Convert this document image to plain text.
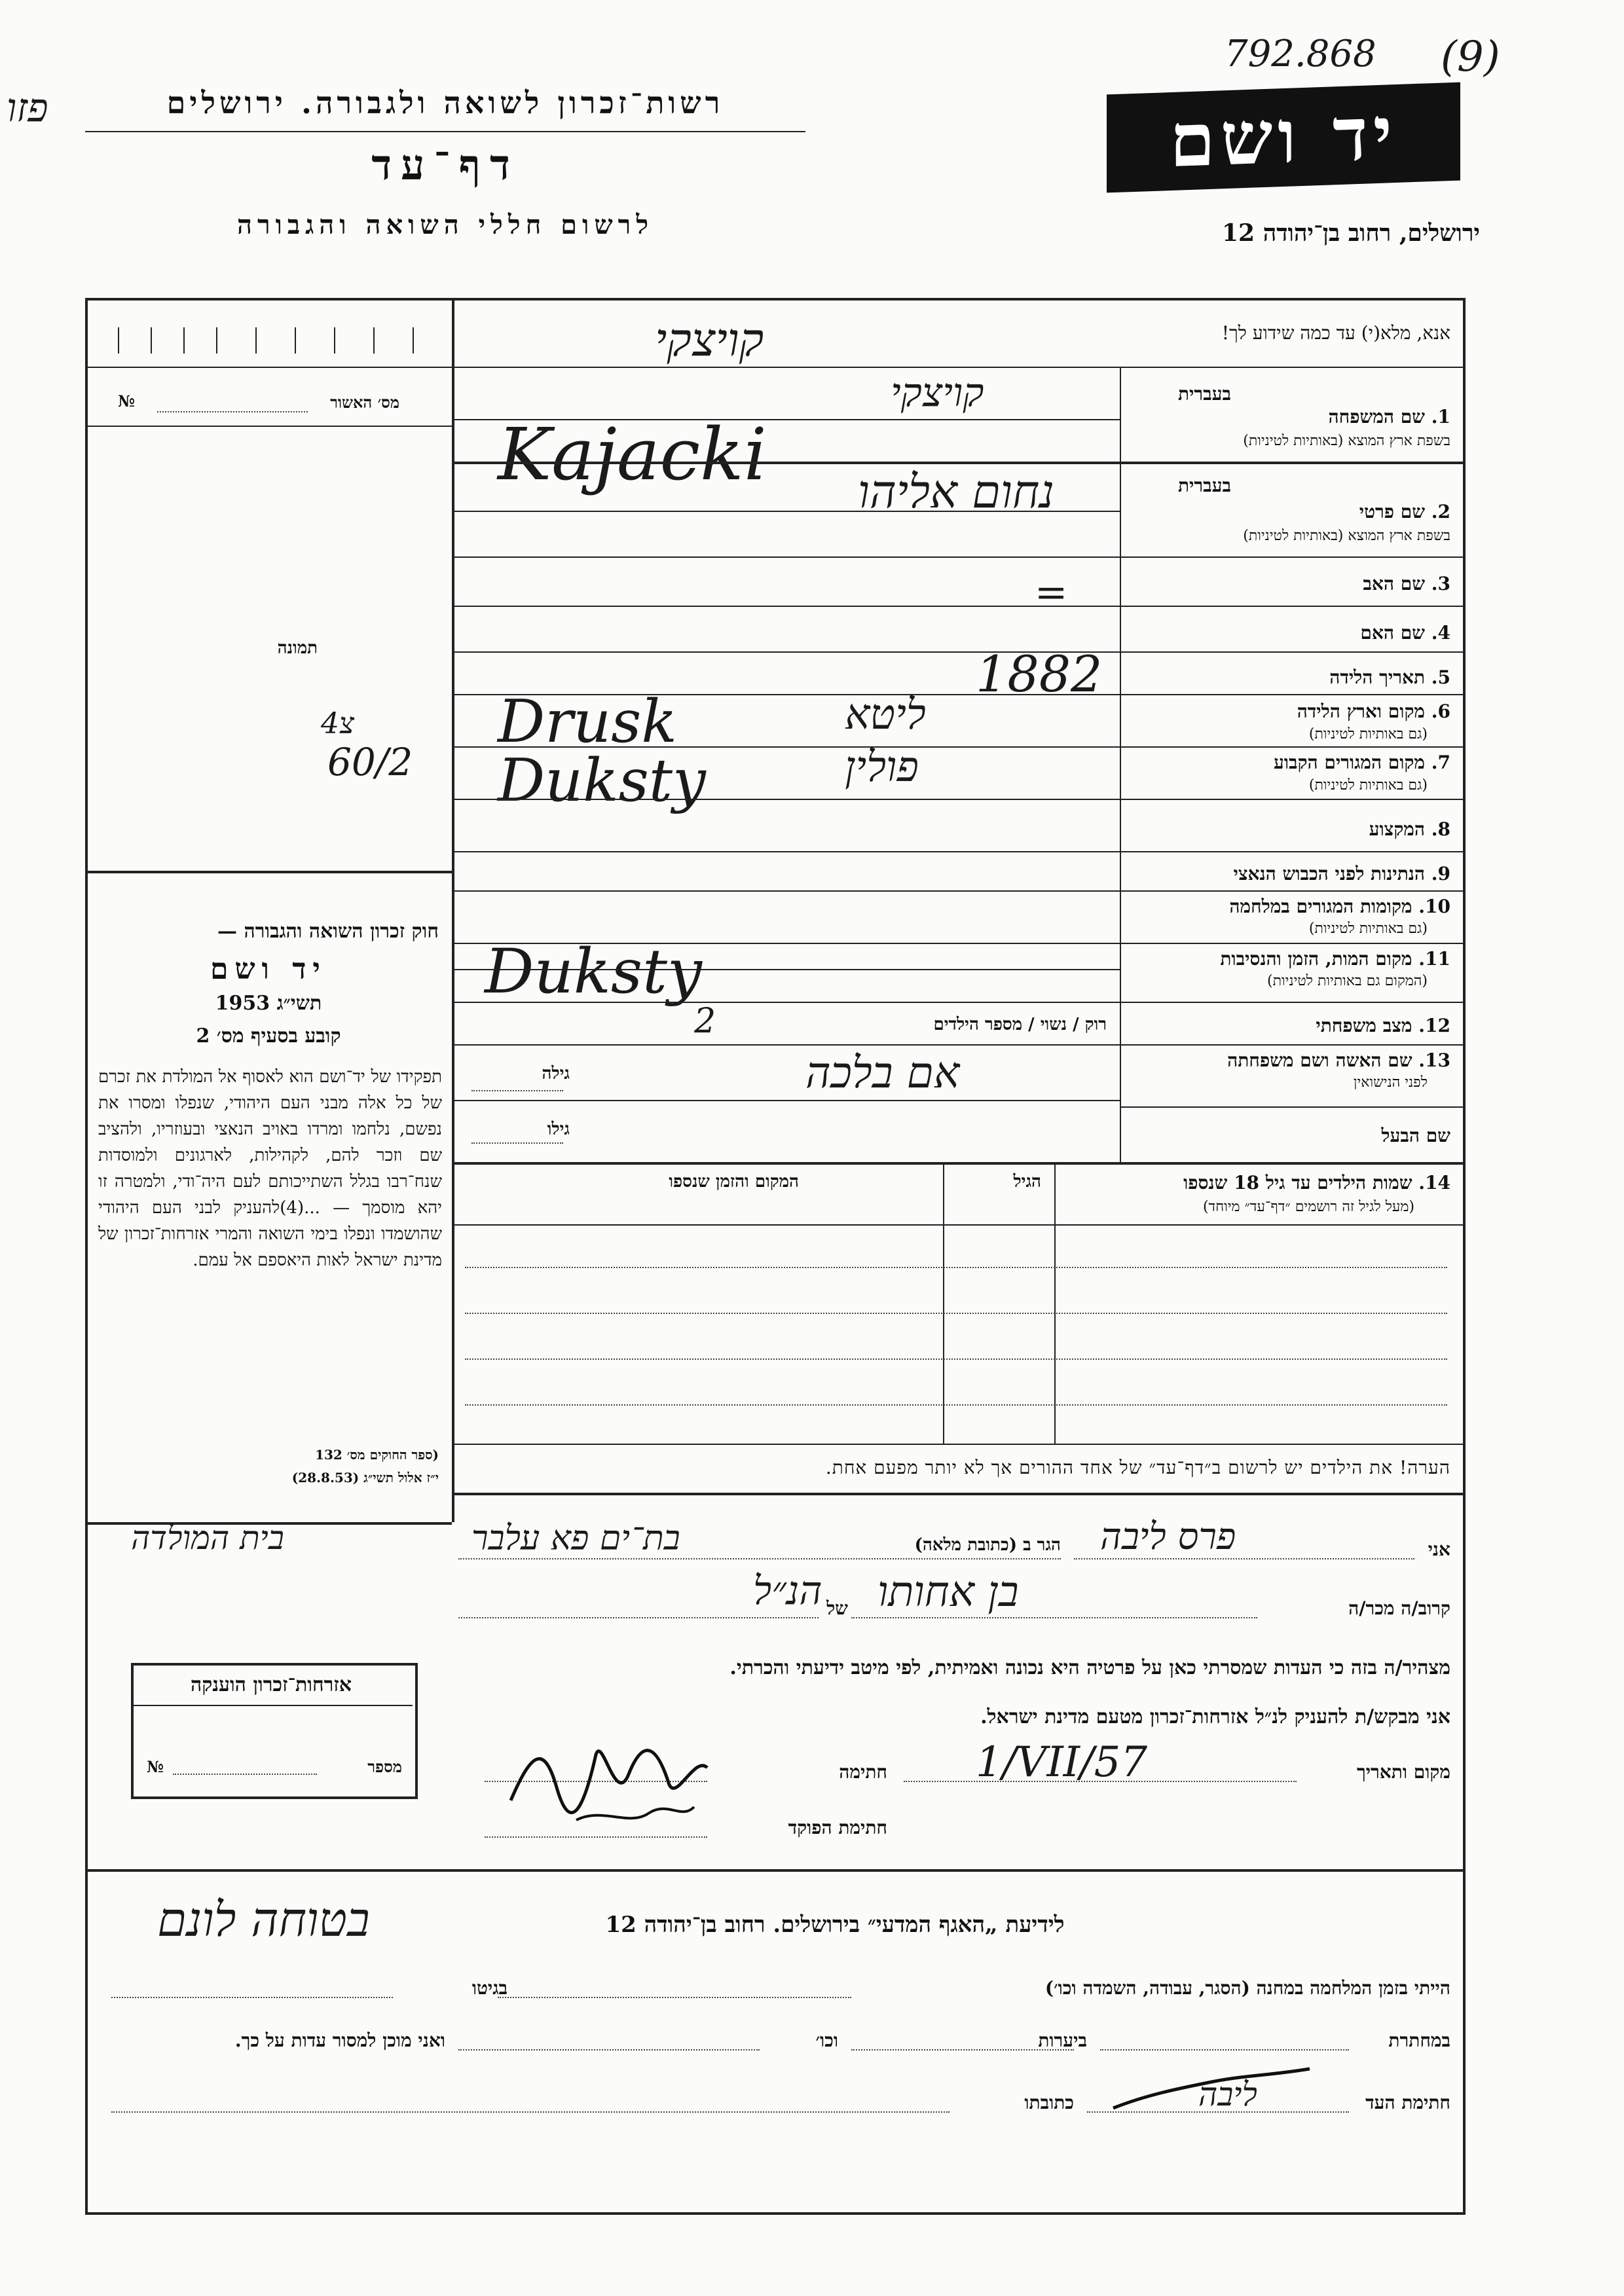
792.868 (9)
פזו	רשות־זכרון לשואה ולגבורה. ירושלים
דף־עד
לרשום חללי השואה והגבורה
יד ושם
ירושלים, רחוב בן־יהודה 12
אנא, מלא(י) עד כמה שידוע לך!
קויצקי
מס׳ האשור
№
תמונה
4צ
60/2
חוק זכרון השואה והגבורה —
יד ושם
תשי״ג 1953
קובע בסעיף מס׳ 2
תפקידו של יד־ושם הוא לאסוף אל המולדת את זכרם של כל אלה מבני העם היהודי, שנפלו ומסרו את נפשם, נלחמו ומרדו באויב הנאצי ובעוזריו, ולהציב שם וזכר להם, לקהילות, לארגונים ולמוסדות שנח־רבו בגלל השתייכותם לעם היה־ודי, ולמטרה זו יהא מוסמך — ...(4)להעניק לבני העם היהודי שהושמדו ונפלו בימי השואה והמרי אזרחות־זכרון של מדינת ישראל לאות היאספם אל עמם.
(ספר החוקים מס׳ 132
י״ז אלול תשי״ג (28.8.53)
בעברית
1. שם המשפחה
בשפת ארץ המוצא (באותיות לטיניות)
קויצקי
Kajacki	בעברית
2. שם פרטי
בשפת ארץ המוצא (באותיות לטיניות)
נחום אליהו
3. שם האב
=
4. שם האם
5. תאריך הלידה
1882
6. מקום וארץ הלידה
(גם באותיות לטיניות)
ליטא
Drusk
7. מקום המגורים הקבוע
(גם באותיות לטיניות)
פולין
Duksty
8. המקצוע
9. הנתינות לפני הכבוש הנאצי
10. מקומות המגורים במלחמה
(גם באותיות לטיניות)
11. מקום המות, הזמן והנסיבות
(המקום גם באותיות לטיניות)
Duksty
12. מצב משפחתי
רוק / נשוי / מספר הילדים
2
13. שם האשה ושם משפחתה
לפני הנישואין
אם בלכה
גילה
שם הבעל
גילו
14. שמות הילדים עד גיל 18 שנספו
(מעל לגיל זה רושמים ״דף־עד״ מיוחד)
הגיל
המקום והזמן שנספו
הערה! את הילדים יש לרשום ב״דף־עד״ של אחד ההורים אך לא יותר מפעם אחת.
אני
פרס ליבה
הגר ב (כתובת מלאה)
בת־ים פא עלבר
בית המולדה
קרוב/ה מכר/ה
בן אחותו
של
הנ״ל
מצהיר/ה בזה כי העדות שמסרתי כאן על פרטיה היא נכונה ואמיתית, לפי מיטב ידיעתי והכרתי.
אני מבקש/ת להעניק לנ״ל אזרחות־זכרון מטעם מדינת ישראל.
מקום ותאריך
1/VII/57
חתימה
חתימת הפוקד
אזרחות־זכרון הוענקה
מספר
№
לידיעת „האגף המדעי״ בירושלים. רחוב בן־יהודה 12
בטוחה לונם
הייתי בזמן המלחמה במחנה (הסגר, עבודה, השמדה וכו׳)
בגיטו
במחתרת
ביערות
וכו׳
ואני מוכן למסור עדות על כך.
חתימת העד
ליבה
כתובתו
